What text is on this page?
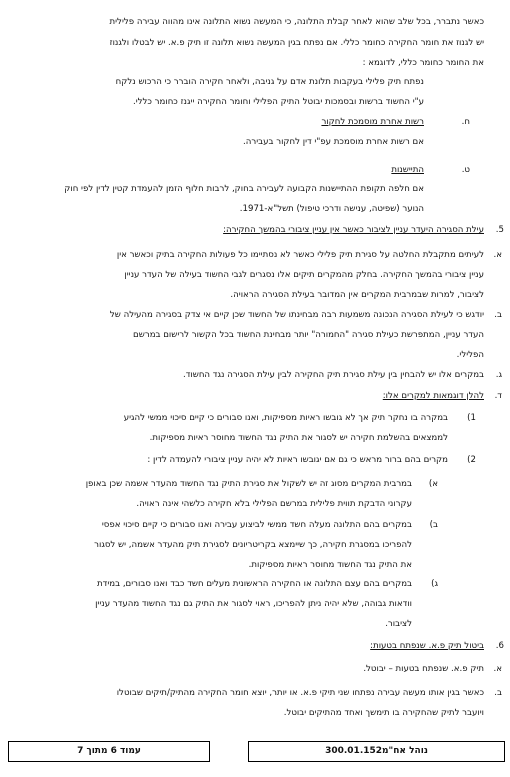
כאשר נתברר, בכל שלב שהוא לאחר קבלת התלונה, כי המעשה נשוא התלונה אינו מהווה עבירה פלילית
יש לגנוז את חומר החקירה כחומר כללי. אם נפתח בגין המעשה נשוא תלונה זו תיק פ.א. יש לבטלו ולגנוז
את החומר כחומר כללי, לדוגמא :
נפתח תיק פלילי בעקבות תלונת אדם על גניבה, ולאחר חקירה הוברר כי הרכוש נלקח
ע"י החשוד ברשות ובסמכות יבוטל התיק הפלילי וחומר החקירה ייגנז כחומר כללי.
ח.
רשות אחרת מוסמכת לחקור
אם רשות אחרת מוסמכת עפ"י דין לחקור בעבירה.
ט.
התיישנות
אם חלפה תקופת ההתיישנות הקבועה לעבירה בחוק, לרבות חלוף הזמן להעמדת קטין לדין לפי חוק
הנוער (שפיטה, ענישה ודרכי טיפול) תשל"א-1971.
5.
עילת הסגירה היעדר עניין לציבור כאשר אין עניין ציבורי בהמשך החקירה:
א.
לעיתים מתקבלת החלטה על סגירת תיק פלילי כאשר לא נסתיימו כל פעולות החקירה בתיק וכאשר אין
עניין ציבורי בהמשך החקירה. בחלק מהמקרים תיקים אלו נסגרים לגבי החשוד בעילה של העדר עניין
לציבור, למרות שבמרבית המקרים אין המדובר בעילת הסגירה הראויה.
ב.
יודגש כי לעילת הסגירה הנכונה משמעות רבה מבחינתו של החשוד שכן קיים אי צדק בסגירה מהעילה של
העדר עניין, המתפרשת כעילת סגירה "החמורה" יותר מבחינת החשוד בכל הקשור לרישום במרשם
הפלילי.
ג.
במקרים אלו יש להבחין בין עילת סגירת תיק החקירה לבין עילת הסגירה נגד החשוד.
ד.
להלן דוגמאות למקרים אלו:
1)
במקרה בו נחקר תיק אך לא גובשו ראיות מספיקות, ואנו סבורים כי קיים סיכוי ממשי להגיע
לממצאים בהשלמת חקירה יש לסגור את התיק נגד החשוד מחוסר ראיות מספיקות.
2)
מקרים בהם ברור מראש כי גם אם יגובשו ראיות לא יהיה עניין ציבורי להעמדה לדין :
א)
במרבית המקרים מסוג זה יש לשקול את סגירת התיק נגד החשוד מהעדר אשמה שכן באופן
עקרוני הדבקת תווית פלילית במרשם הפלילי בלא חקירה כלשהי אינה ראויה.
ב)
במקרים בהם התלונה מעלה חשד ממשי לביצוע עבירה ואנו סבורים כי קיים סיכוי אפסי
להפריכו במסגרת חקירה, כך שיימצא בקריטריונים לסגירת תיק מהעדר אשמה, יש לסגור
את התיק נגד החשוד מחוסר ראיות מספיקות.
ג)
במקרים בהם עצם התלונה או החקירה הראשונית מעלים חשד כבד ואנו סבורים, במידת
וודאות גבוהה, שלא יהיה ניתן להפריכו, ראוי לסגור את התיק גם נגד החשוד מהעדר עניין
לציבור.
6.
ביטול תיק פ.א. שנפתח בטעות:
א.
תיק פ.א. שנפתח בטעות – יבוטל.
ב.
כאשר בגין אותו מעשה עבירה נפתחו שני תיקי פ.א. או יותר, יוצא חומר החקירה מהתיק/תיקים שבוטלו
ויועבר לתיק שהחקירה בו תימשך ואחד מהתיקים יבוטל.
נוהל אח"מ300.01.152
עמוד 6 מתוך 7
